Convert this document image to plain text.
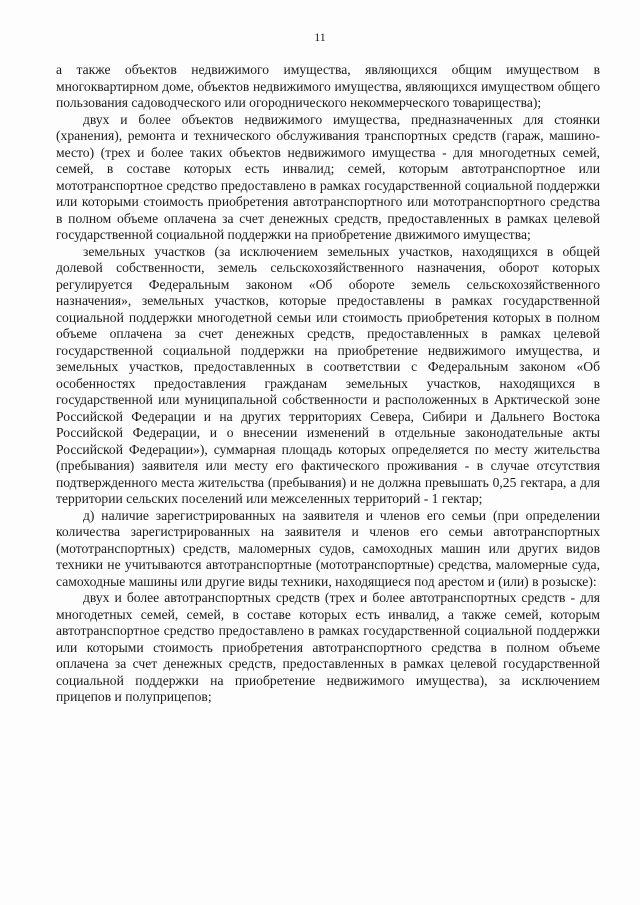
11

а также объектов недвижимого имущества, являющихся общим имуществом в многоквартирном доме, объектов недвижимого имущества, являющихся имуществом общего пользования садоводческого или огороднического некоммерческого товарищества);

двух и более объектов недвижимого имущества, предназначенных для стоянки (хранения), ремонта и технического обслуживания транспортных средств (гараж, машино-место) (трех и более таких объектов недвижимого имущества - для многодетных семей, семей, в составе которых есть инвалид; семей, которым автотранспортное или мототранспортное средство предоставлено в рамках государственной социальной поддержки или которыми стоимость приобретения автотранспортного или мототранспортного средства в полном объеме оплачена за счет денежных средств, предоставленных в рамках целевой государственной социальной поддержки на приобретение движимого имущества;

земельных участков (за исключением земельных участков, находящихся в общей долевой собственности, земель сельскохозяйственного назначения, оборот которых регулируется Федеральным законом «Об обороте земель сельскохозяйственного назначения», земельных участков, которые предоставлены в рамках государственной социальной поддержки многодетной семьи или стоимость приобретения которых в полном объеме оплачена за счет денежных средств, предоставленных в рамках целевой государственной социальной поддержки на приобретение недвижимого имущества, и земельных участков, предоставленных в соответствии с Федеральным законом «Об особенностях предоставления гражданам земельных участков, находящихся в государственной или муниципальной собственности и расположенных в Арктической зоне Российской Федерации и на других территориях Севера, Сибири и Дальнего Востока Российской Федерации, и о внесении изменений в отдельные законодательные акты Российской Федерации»), суммарная площадь которых определяется по месту жительства (пребывания) заявителя или месту его фактического проживания - в случае отсутствия подтвержденного места жительства (пребывания) и не должна превышать 0,25 гектара, а для территории сельских поселений или межселенных территорий - 1 гектар;

д) наличие зарегистрированных на заявителя и членов его семьи (при определении количества зарегистрированных на заявителя и членов его семьи автотранспортных (мототранспортных) средств, маломерных судов, самоходных машин или других видов техники не учитываются автотранспортные (мототранспортные) средства, маломерные суда, самоходные машины или другие виды техники, находящиеся под арестом и (или) в розыске):

двух и более автотранспортных средств (трех и более автотранспортных средств - для многодетных семей, семей, в составе которых есть инвалид, а также семей, которым автотранспортное средство предоставлено в рамках государственной социальной поддержки или которыми стоимость приобретения автотранспортного средства в полном объеме оплачена за счет денежных средств, предоставленных в рамках целевой государственной социальной поддержки на приобретение недвижимого имущества), за исключением прицепов и полуприцепов;
